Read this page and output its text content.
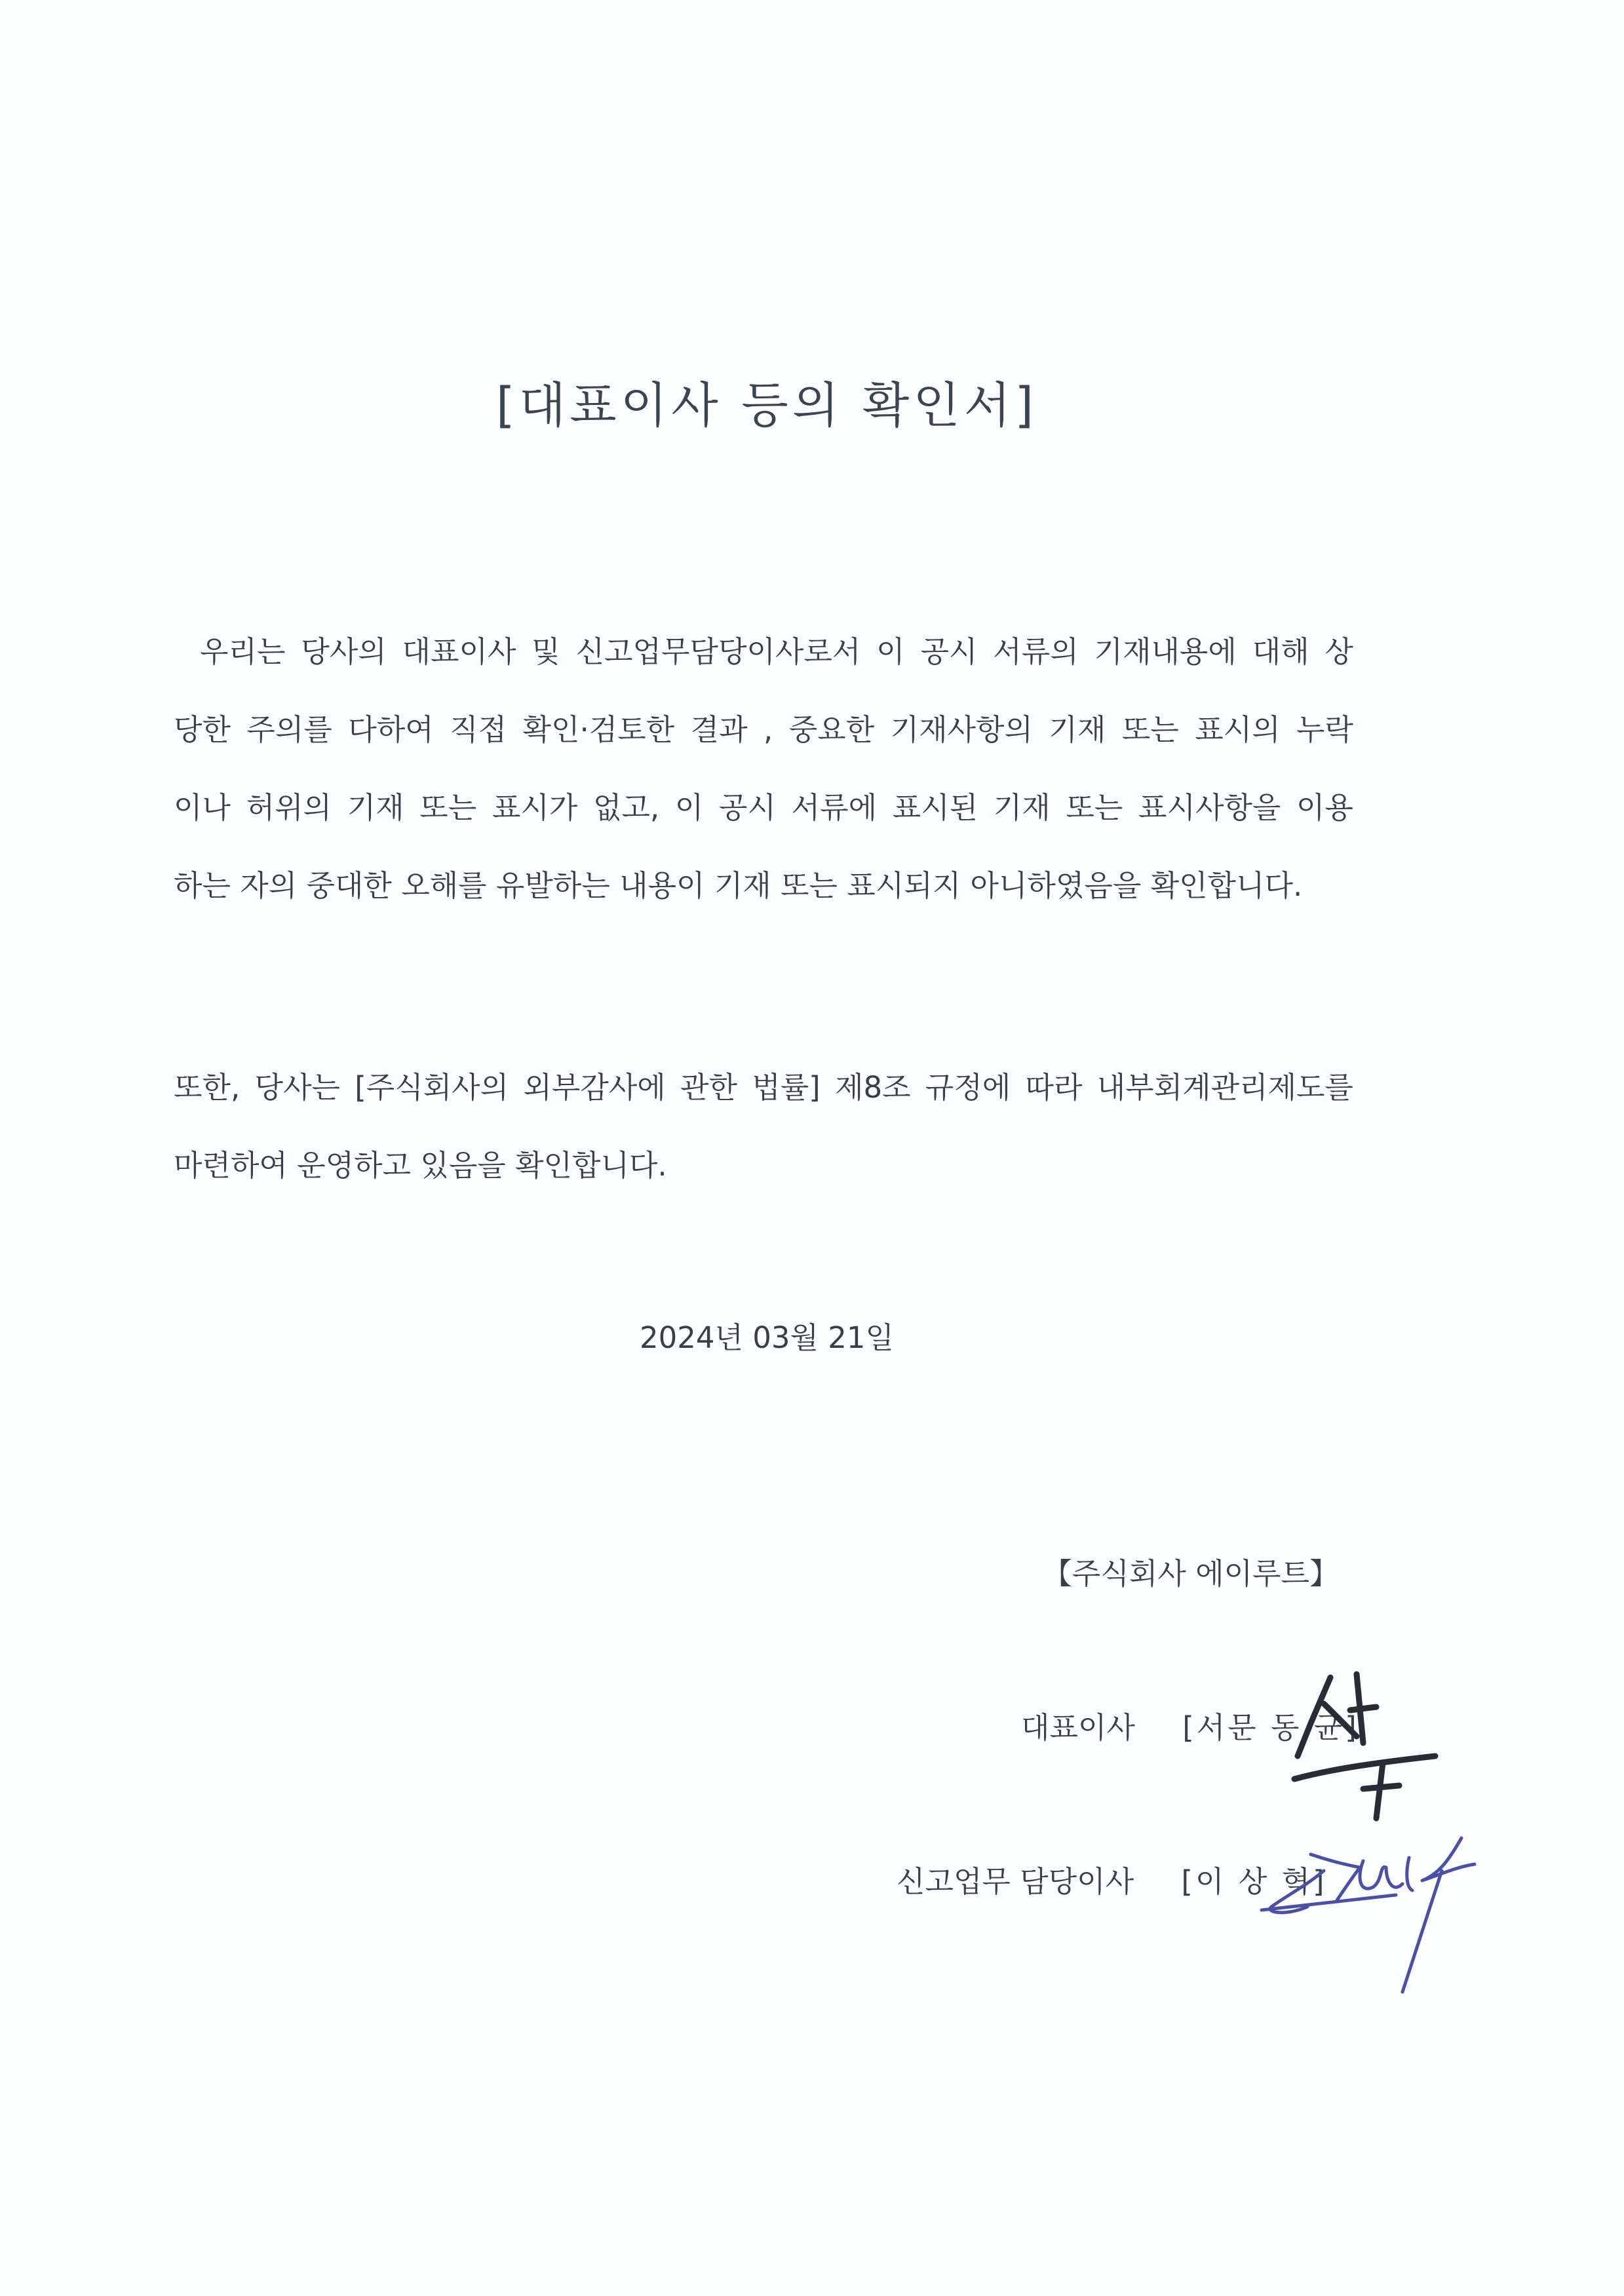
[대표이사 등의 확인서]
우리는 당사의 대표이사 및 신고업무담당이사로서 이 공시 서류의 기재내용에 대해 상
당한 주의를 다하여 직접 확인·검토한 결과 , 중요한 기재사항의 기재 또는 표시의 누락
이나 허위의 기재 또는 표시가 없고, 이 공시 서류에 표시된 기재 또는 표시사항을 이용
하는 자의 중대한 오해를 유발하는 내용이 기재 또는 표시되지 아니하였음을 확인합니다.
또한, 당사는 [주식회사의 외부감사에 관한 법률] 제8조 규정에 따라 내부회계관리제도를
마련하여 운영하고 있음을 확인합니다.
2024년 03월 21일
【주식회사 에이루트】
대표이사 [서문 동 균]
신고업무 담당이사 [이 상 혁]
